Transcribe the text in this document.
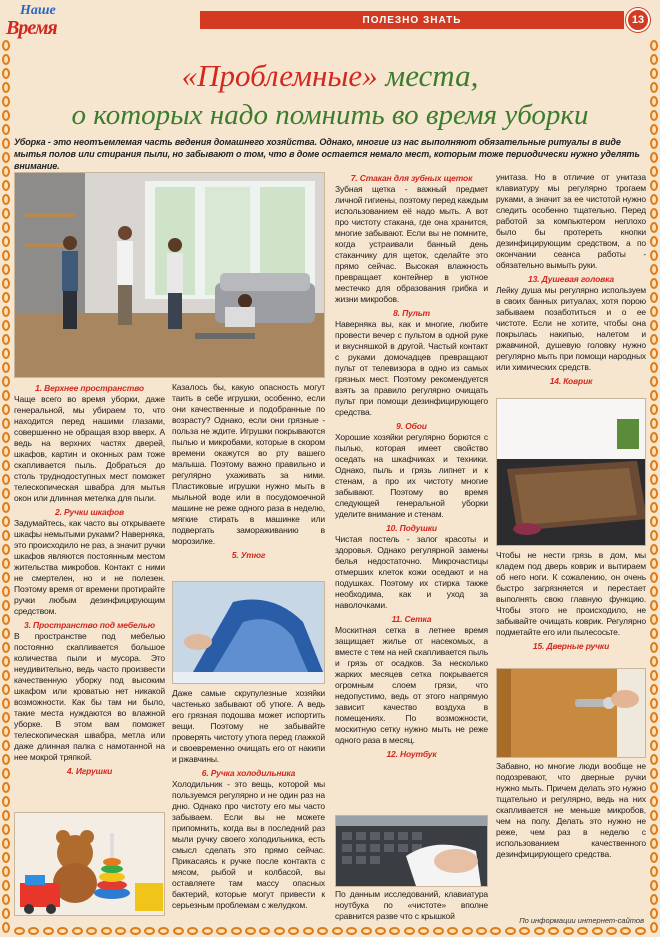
Наше
Время	ПОЛЕЗНО ЗНАТЬ	13
«Проблемные» места,
о которых надо помнить во время уборки
Уборка - это неотъемлемая часть ведения домашнего хозяйства. Однако, многие из нас выполняют обязательные ритуалы в виде мытья полов или стирания пыли, но забывают о том, что в доме остается немало мест, которым тоже периодически нужно уделять внимание.
1. Верхнее пространство

Чаще всего во время уборки, даже генеральной, мы убираем то, что находится перед нашими глазами, совершенно не обращая взор вверх. А ведь на верхних частях дверей, шкафов, картин и оконных рам тоже скапливается пыль. Добраться до столь труднодоступных мест поможет телескопическая швабра для мытья окон или длинная метелка для пыли.

2. Ручки шкафов

Задумайтесь, как часто вы открываете шкафы немытыми руками? Наверняка, это происходило не раз, а значит ручки шкафов являются постоянным местом жительства микробов. Контакт с ними не смертелен, но и не полезен. Поэтому время от времени протирайте ручки любым дезинфицирующим средством.

3. Пространство под мебелью

В пространстве под мебелью постоянно скапливается большое количества пыли и мусора. Это неудивительно, ведь часто произвести качественную уборку под высоким шкафом или кроватью нет никакой возможности. Как бы там ни было, такие места нуждаются во влажной уборке. В этом вам поможет телескопическая швабра, метла или даже длинная палка с намотанной на нее мокрой тряпкой.

4. Игрушки

Казалось бы, какую опасность могут таить в себе игрушки, особенно, если они качественные и подобранные по возрасту? Однако, если они грязные - польза не ждите. Игрушки покрываются пылью и микробами, которые в скором времени окажутся во рту вашего малыша. Поэтому важно правильно и регулярно ухаживать за ними. Пластиковые игрушки нужно мыть в мыльной воде или в посудомоечной машине не реже одного раза в неделю, мягкие стирать в машинке или подвергать замораживанию в морозилке.

5. Утюг

Даже самые скрупулезные хозяйки частенько забывают об утюге. А ведь его грязная подошва может испортить вещи. Поэтому не забывайте проверять чистоту утюга перед глажкой и своевременно очищать его от накипи и ржавчины.

6. Ручка холодильника

Холодильник - это вещь, которой мы пользуемся регулярно и не один раз на дню. Однако про чистоту его мы часто забываем. Если вы не можете припомнить, когда вы в последний раз мыли ручку своего холодильника, есть смысл сделать это прямо сейчас. Прикасаясь к ручке после контакта с мясом, рыбой и колбасой, вы оставляете там массу опасных бактерий, которые могут привести к серьезным проблемам с желудком.

7. Стакан для зубных щеток

Зубная щетка - важный предмет личной гигиены, поэтому перед каждым использованием её надо мыть. А вот про чистоту стакана, где она хранится, многие забывают. Если вы не помните, когда устраивали банный день стаканчику для щеток, сделайте это прямо сейчас. Высокая влажность превращает контейнер в уютное местечко для образования грибка и жизни микробов.

8. Пульт

Наверняка вы, как и многие, любите провести вечер с пультом в одной руке и вкусняшкой в другой. Частый контакт с руками домочадцев превращают пульт от телевизора в одно из самых грязных мест. Поэтому рекомендуется взять за правило регулярно очищать пульт при помощи дезинфицирующего средства.

9. Обои

Хорошие хозяйки регулярно борются с пылью, которая имеет свойство оседать на шкафчиках и техники. Однако, пыль и грязь липнет и к стенам, а про их чистоту многие забывают. Поэтому во время следующей генеральной уборки уделите внимание и стенам.

10. Подушки

Чистая постель - залог красоты и здоровья. Однако регулярной замены белья недостаточно. Микрочастицы отмерших клеток кожи оседают и на подушках. Поэтому их стирка также необходима, как и уход за наволочками.

11. Сетка

Москитная сетка в летнее время защищает жилье от насекомых, а вместе с тем на ней скапливается пыль и грязь от осадков. За несколько жарких месяцев сетка покрывается огромным слоем грязи, что недопустимо, ведь от этого напрямую зависит качество воздуха в помещениях. По возможности, москитную сетку нужно мыть не реже одного раза в месяц.

12. Ноутбук

По данным исследований, клавиатура ноутбука по «чистоте» вполне сравнится разве что с крышкой

унитаза. Но в отличие от унитаза клавиатуру мы регулярно трогаем руками, а значит за ее чистотой нужно следить особенно тщательно. Перед работой за компьютером неплохо было бы протереть кнопки дезинфицирующим средством, а по окончании сеанса работы - обязательно вымыть руки.

13. Душевая головка

Лейку душа мы регулярно используем в своих банных ритуалах, хотя порою забываем позаботиться и о ее чистоте. Если не хотите, чтобы она покрылась накипью, налетом и ржавчиной, душевую головку нужно регулярно мыть при помощи народных или химических средств.

14. Коврик

Чтобы не нести грязь в дом, мы кладем под дверь коврик и вытираем об него ноги. К сожалению, он очень быстро загрязняется и перестает выполнять свою главную функцию. Чтобы этого не происходило, не забывайте очищать коврик. Регулярно подметайте его или пылесосьте.

15. Дверные ручки

Забавно, но многие люди вообще не подозревают, что дверные ручки нужно мыть. Причем делать это нужно тщательно и регулярно, ведь на них скапливается не меньше микробов, чем на полу. Делать это нужно не реже, чем раз в неделю с использованием качественного дезинфицирующего средства.

По информации интернет-сайтов
